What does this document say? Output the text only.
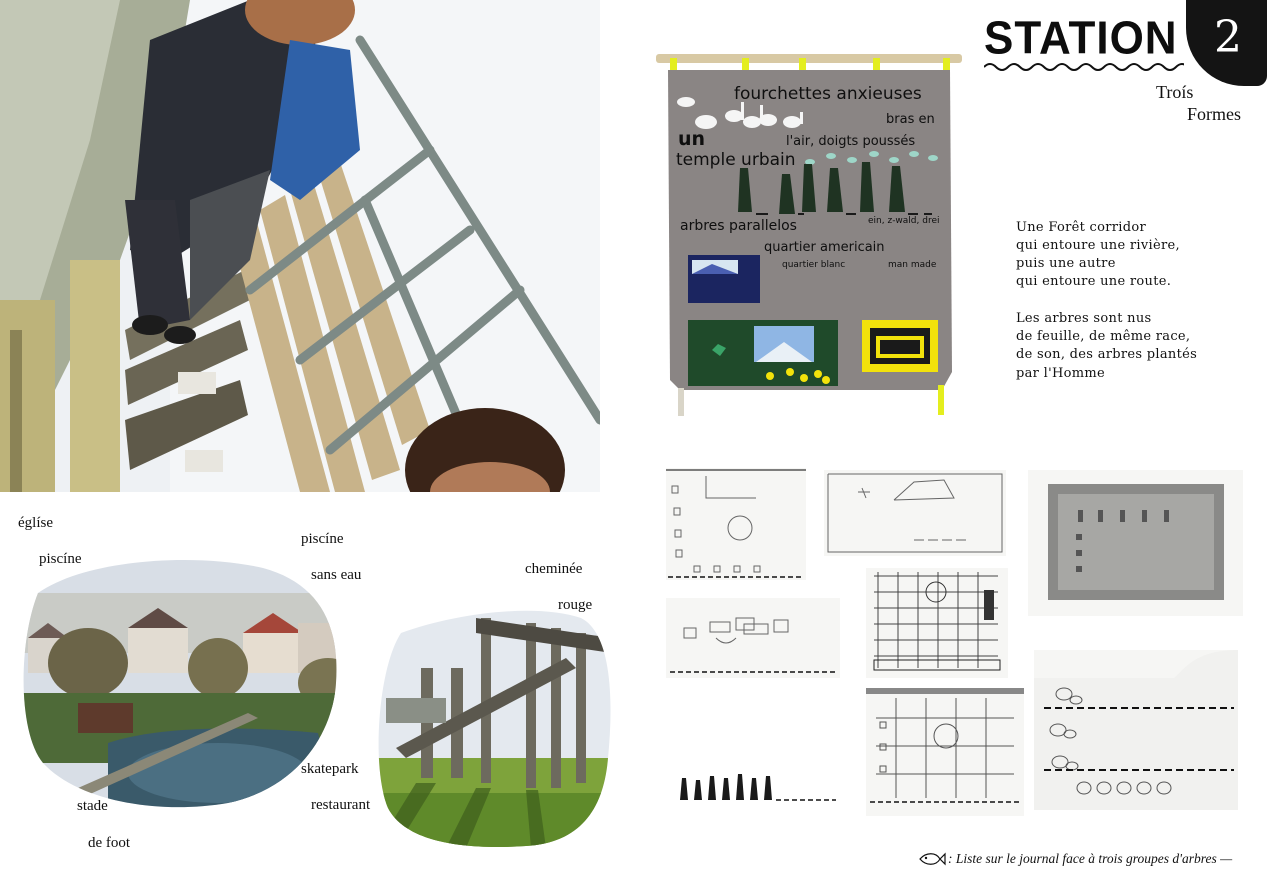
églíse
piscíne
piscíne
sans eau	cheminée
rouge
skatepark
restaurant
stade
de foot
STATION 2
Troís
Formes
Une Forêt corridor
qui entoure une rivière,
puis une autre
qui entoure une route.
Les arbres sont nus
de feuille, de même race,
de son, des arbres plantés
par l'Homme
fourchettes anxieuses
bras en
un	l'air, doigts poussés
temple urbain
arbres parallelos	ein, z-wald, drei
quartier americain
quartier blanc	man made
: Liste sur le journal face à trois groupes d'arbres —
